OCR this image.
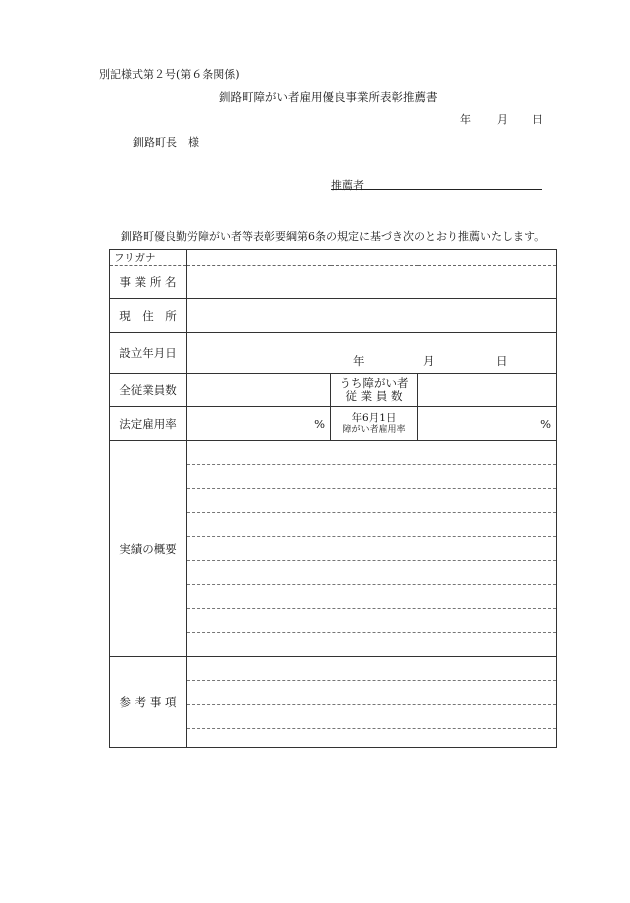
別記様式第２号(第６条関係)
釧路町障がい者雇用優良事業所表彰推薦書
年 月 日
釧路町長　様
推薦者
釧路町優良勤労障がい者等表彰要綱第6条の規定に基づき次のとおり推薦いたします。
フリガナ			
事 業 所 名			
現　住　所			
設立年月日	年 月 日		

全従業員数		うち障がい者
従 業 員 数	

法定雇用率	%	年6月1日
障がい者雇用率	%
実績の概要			

参 考 事 項			
